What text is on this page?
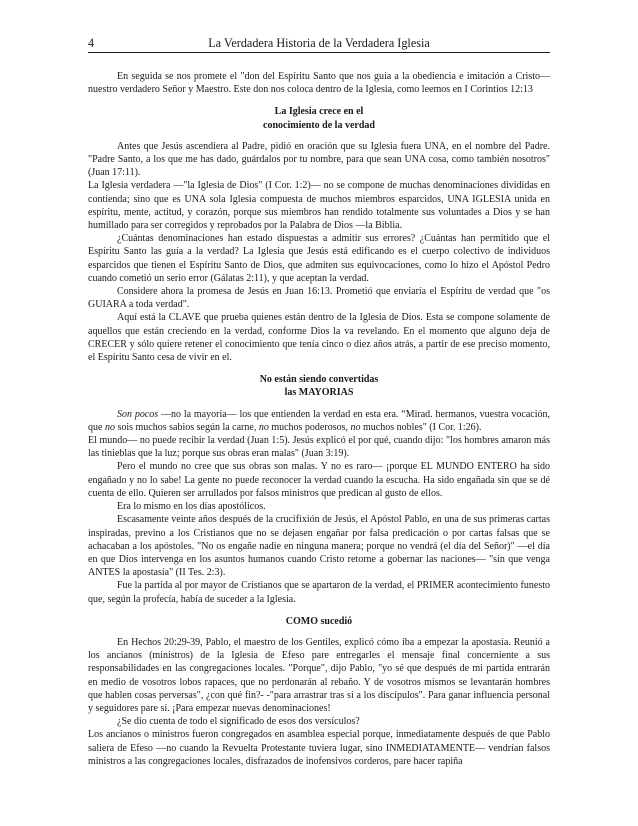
4	La Verdadera Historia de la Verdadera Iglesia

En seguida se nos promete el "don del Espíritu Santo que nos guía a la obediencia e imitación a Cristo— nuestro verdadero Señor y Maestro. Este don nos coloca dentro de la Iglesia, como leemos en I Corintios 12:13

La Iglesia crece en el
conocimiento de la verdad

Antes que Jesús ascendiera al Padre, pidió en oración que su Iglesia fuera UNA, en el nombre del Padre. "Padre Santo, a los que me has dado, guárdalos por tu nombre, para que sean UNA cosa, como también nosotros" (Juan 17:11).

La Iglesia verdadera —"la Iglesia de Dios" (I Cor. 1:2)— no se compone de muchas denominaciones divididas en contienda; sino que es UNA sola Iglesia compuesta de muchos miembros esparcidos, UNA IGLESIA unida en espíritu, mente, actitud, y corazón, porque sus miembros han rendido totalmente sus voluntades a Dios y se han humillado para ser corregidos y reprobados por la Palabra de Dios —la Biblia.

¿Cuántas denominaciones han estado dispuestas a admitir sus errores? ¿Cuántas han permitido que el Espíritu Santo las guía a la verdad? La Iglesia que Jesús está edificando es el cuerpo colectivo de individuos esparcidos que tienen el Espíritu Santo de Dios, que admiten sus equivocaciones, como lo hizo el Apóstol Pedro cuando cometió un serio error (Gálatas 2:11), y que aceptan la verdad.

Considere ahora la promesa de Jesús en Juan 16:13. Prometió que enviaría el Espíritu de verdad que "os GUIARA a toda verdad".

Aquí está la CLAVE que prueba quienes están dentro de la Iglesia de Dios. Esta se compone solamente de aquellos que están creciendo en la verdad, conforme Dios la va revelando. En el momento que alguno deja de CRECER y sólo quiere retener el conocimiento que tenía cinco o diez años atrás, a partir de ese preciso momento, el Espíritu Santo cesa de vivir en el.

No están siendo convertidas
las MAYORIAS

Son pocos —no la mayoría— los que entienden la verdad en esta era. “Mirad. hermanos, vuestra vocación, que no sois muchos sabios según la carne, no muchos poderosos, no muchos nobles" (I Cor. 1:26).

El mundo— no puede recibir la verdad (Juan 1:5). Jesús explicó el por qué, cuando dijo: "los hombres amaron más las tinieblas que la luz; porque sus obras eran malas" (Juan 3:19).

Pero el mundo no cree que sus obras son malas. Y no es raro— ¡porque EL MUNDO ENTERO ha sido engañado y no lo sabe! La gente no puede reconocer la verdad cuando la escucha. Ha sido engañada sin que se dé cuenta de ello. Quieren ser arrullados por falsos ministros que predican al gusto de ellos.

Era lo mismo en los días apostólicos.

Escasamente veinte años después de la crucifixión de Jesús, el Apóstol Pablo, en una de sus primeras cartas inspiradas, previno a los Cristianos que no se dejasen engañar por falsa predicación o por cartas falsas que se achacaban a los apóstoles. "No os engañe nadie en ninguna manera; porque no vendrá (el día del Señor)" —el día en que Dios intervenga en los asuntos humanos cuando Cristo retorne a gobernar las naciones— "sin que venga ANTES la apostasía" (II Tes. 2:3).

Fue la partida al por mayor de Cristianos que se apartaron de la verdad, el PRIMER acontecimiento funesto que, según la profecía, había de suceder a la Iglesia.

COMO sucedió

En Hechos 20:29-39, Pablo, el maestro de los Gentiles, explicó cómo iba a empezar la apostasía. Reunió a los ancianos (ministros) de la Iglesia de Efeso pare entregarles el mensaje final concerniente a sus responsabilidades en las congregaciones locales. "Porque", dijo Pablo, "yo sé que después de mi partida entrarán en medio de vosotros lobos rapaces, que no perdonarán al rebaño. Y de vosotros mismos se levantarán hombres que hablen cosas perversas", ¿con qué fin?- -"para arrastrar tras sí a los discípulos". Para ganar influencia personal y seguidores pare sí. ¡Para empezar nuevas denominaciones!

¿Se dio cuenta de todo el significado de esos dos versículos?

Los ancianos o ministros fueron congregados en asamblea especial porque, inmediatamente después de que Pablo saliera de Efeso —no cuando la Revuelta Protestante tuviera lugar, sino INMEDIATAMENTE— vendrían falsos ministros a las congregaciones locales, disfrazados de inofensivos corderos, pare hacer rapiña
